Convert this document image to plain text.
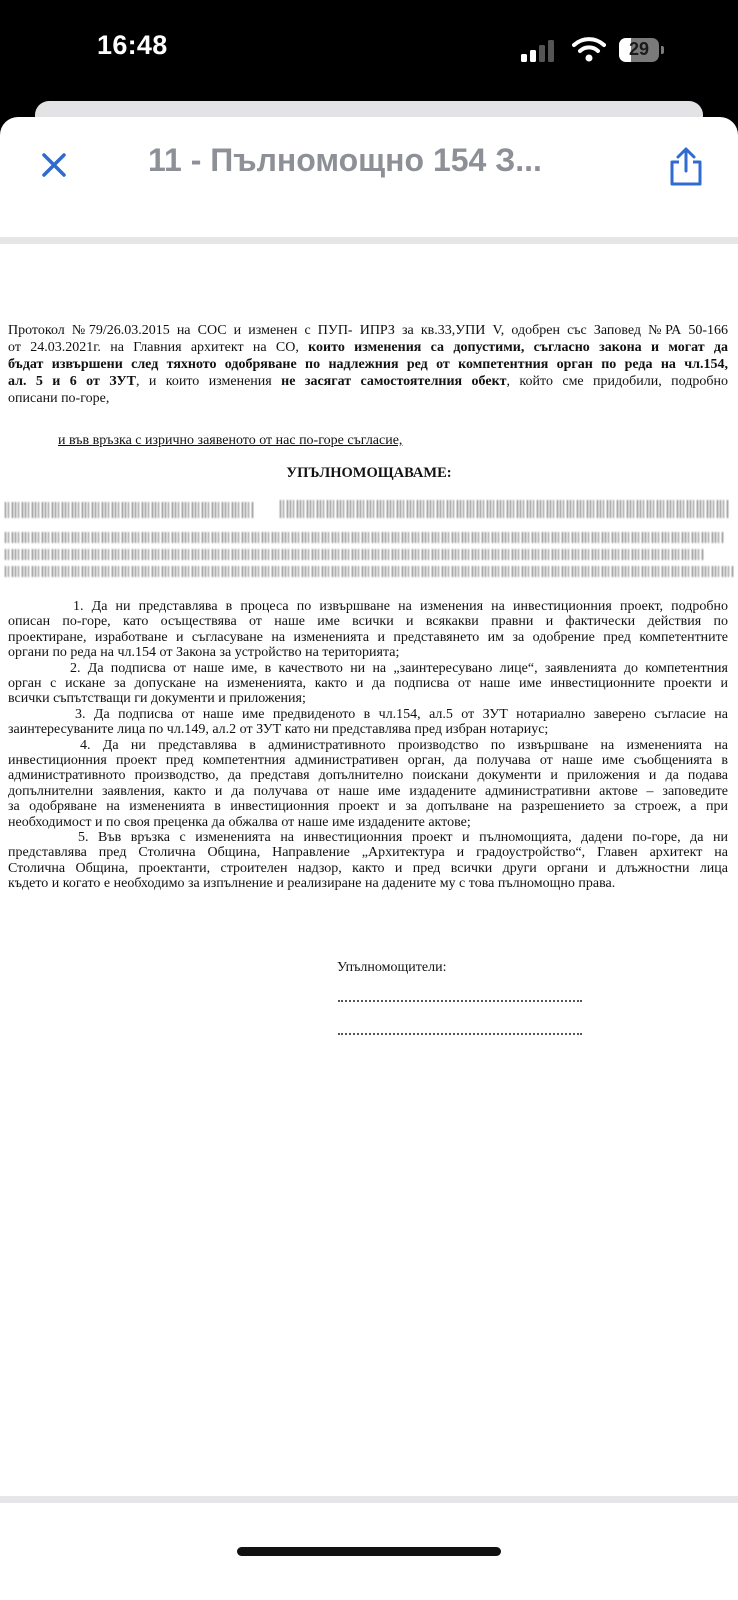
16:48	29
11 - Пълномощно 154 З...
Протокол №79/26.03.2015 на СОС и изменен с ПУП- ИПРЗ за кв.33,УПИ V, одобрен със Заповед №РА 50-166
от 24.03.2021г. на Главния архитект на СО, които изменения са допустими, съгласно закона и могат да
бъдат извършени след тяхното одобряване по надлежния ред от компетентния орган по реда на чл.154,
ал. 5 и 6 от ЗУТ, и които изменения не засягат самостоятелния обект, който сме придобили, подробно
описани по-горе,
и във връзка с изрично заявеното от нас по-горе съгласие,
УПЪЛНОМОЩАВАМЕ:
1. Да ни представлява в процеса по извършване на изменения на инвестиционния проект, подробно
описан по-горе, като осъществява от наше име всички и всякакви правни и фактически действия по
проектиране, изработване и съгласуване на измененията и представянето им за одобрение пред компетентните
органи по реда на чл.154 от Закона за устройство на територията;
2. Да подписва от наше име, в качеството ни на „заинтересувано лице“, заявленията до компетентния
орган с искане за допускане на измененията, както и да подписва от наше име инвестиционните проекти и
всички съпътстващи ги документи и приложения;
3. Да подписва от наше име предвиденото в чл.154, ал.5 от ЗУТ нотариално заверено съгласие на
заинтересуваните лица по чл.149, ал.2 от ЗУТ като ни представлява пред избран нотариус;
4. Да ни представлява в административното производство по извършване на измененията на
инвестиционния проект пред компетентния административен орган, да получава от наше име съобщенията в
административното производство, да представя допълнително поискани документи и приложения и да подава
допълнителни заявления, както и да получава от наше име издадените административни актове – заповедите
за одобряване на измененията в инвестиционния проект и за допълване на разрешението за строеж, а при
необходимост и по своя преценка да обжалва от наше име издадените актове;
5. Във връзка с измененията на инвестиционния проект и пълномощията, дадени по-горе, да ни
представлява пред Столична Община, Направление „Архитектура и градоустройство“, Главен архитект на
Столична Община, проектанти, строителен надзор, както и пред всички други органи и длъжностни лица
където и когато е необходимо за изпълнение и реализиране на дадените му с това пълномощно права.
Упълномощители:
